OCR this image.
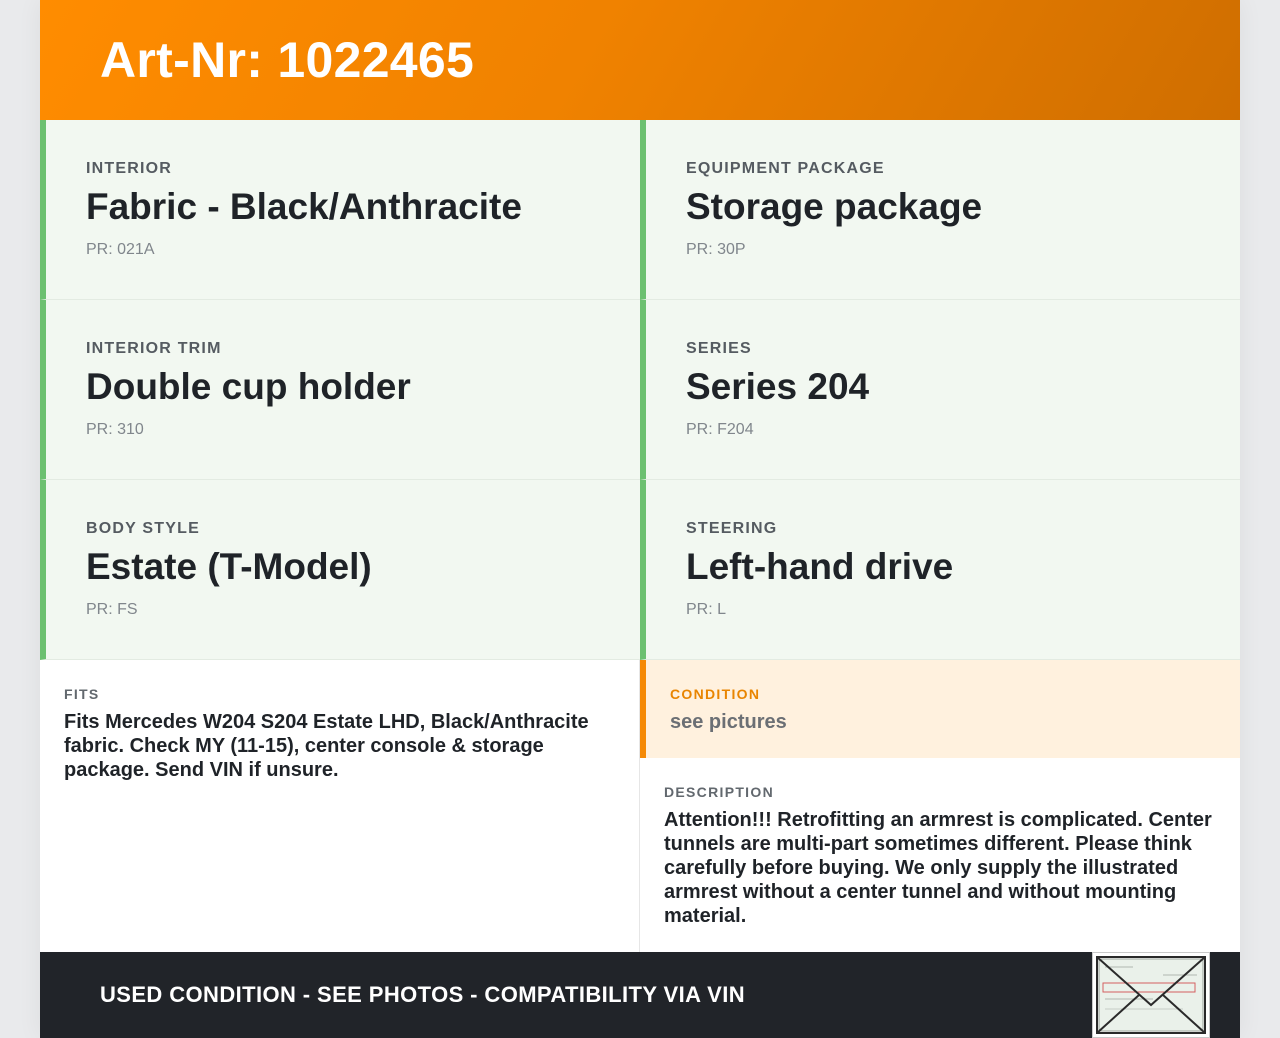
Art-Nr: 1022465
INTERIOR
Fabric - Black/Anthracite
PR: 021A
EQUIPMENT PACKAGE
Storage package
PR: 30P
INTERIOR TRIM
Double cup holder
PR: 310
SERIES
Series 204
PR: F204
BODY STYLE
Estate (T-Model)
PR: FS
STEERING
Left-hand drive
PR: L
FITS
Fits Mercedes W204 S204 Estate LHD, Black/Anthracite fabric. Check MY (11-15), center console & storage package. Send VIN if unsure.
CONDITION
see pictures
DESCRIPTION
Attention!!! Retrofitting an armrest is complicated. Center tunnels are multi-part sometimes different. Please think carefully before buying. We only supply the illustrated armrest without a center tunnel and without mounting material.
USED CONDITION - SEE PHOTOS - COMPATIBILITY VIA VIN
